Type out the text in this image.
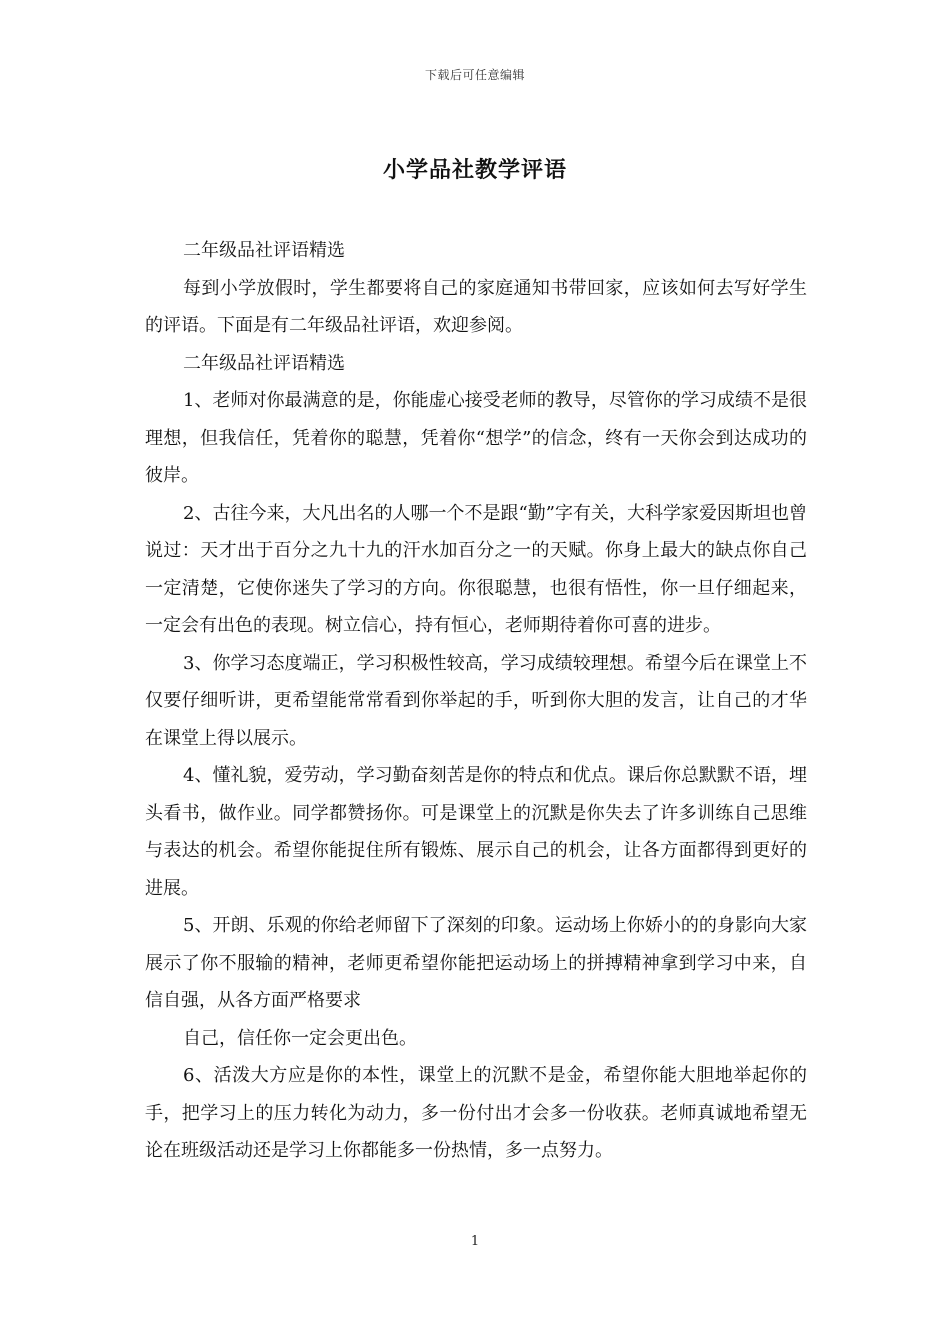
下载后可任意编辑
小学品社教学评语

二年级品社评语精选

每到小学放假时，学生都要将自己的家庭通知书带回家，应该如何去写好学生的评语。下面是有二年级品社评语，欢迎参阅。

二年级品社评语精选

1、老师对你最满意的是，你能虚心接受老师的教导，尽管你的学习成绩不是很理想，但我信任，凭着你的聪慧，凭着你“想学”的信念，终有一天你会到达成功的彼岸。

2、古往今来，大凡出名的人哪一个不是跟“勤”字有关，大科学家爱因斯坦也曾说过：天才出于百分之九十九的汗水加百分之一的天赋。你身上最大的缺点你自己一定清楚，它使你迷失了学习的方向。你很聪慧，也很有悟性，你一旦仔细起来，一定会有出色的表现。树立信心，持有恒心，老师期待着你可喜的进步。

3、你学习态度端正，学习积极性较高，学习成绩较理想。希望今后在课堂上不仅要仔细听讲，更希望能常常看到你举起的手，听到你大胆的发言，让自己的才华在课堂上得以展示。

4、懂礼貌，爱劳动，学习勤奋刻苦是你的特点和优点。课后你总默默不语，埋头看书，做作业。同学都赞扬你。可是课堂上的沉默是你失去了许多训练自己思维与表达的机会。希望你能捉住所有锻炼、展示自己的机会，让各方面都得到更好的进展。

5、开朗、乐观的你给老师留下了深刻的印象。运动场上你娇小的的身影向大家展示了你不服输的精神，老师更希望你能把运动场上的拼搏精神拿到学习中来，自信自强，从各方面严格要求

自己，信任你一定会更出色。

6、活泼大方应是你的本性，课堂上的沉默不是金，希望你能大胆地举起你的手，把学习上的压力转化为动力，多一份付出才会多一份收获。老师真诚地希望无论在班级活动还是学习上你都能多一份热情，多一点努力。

1
